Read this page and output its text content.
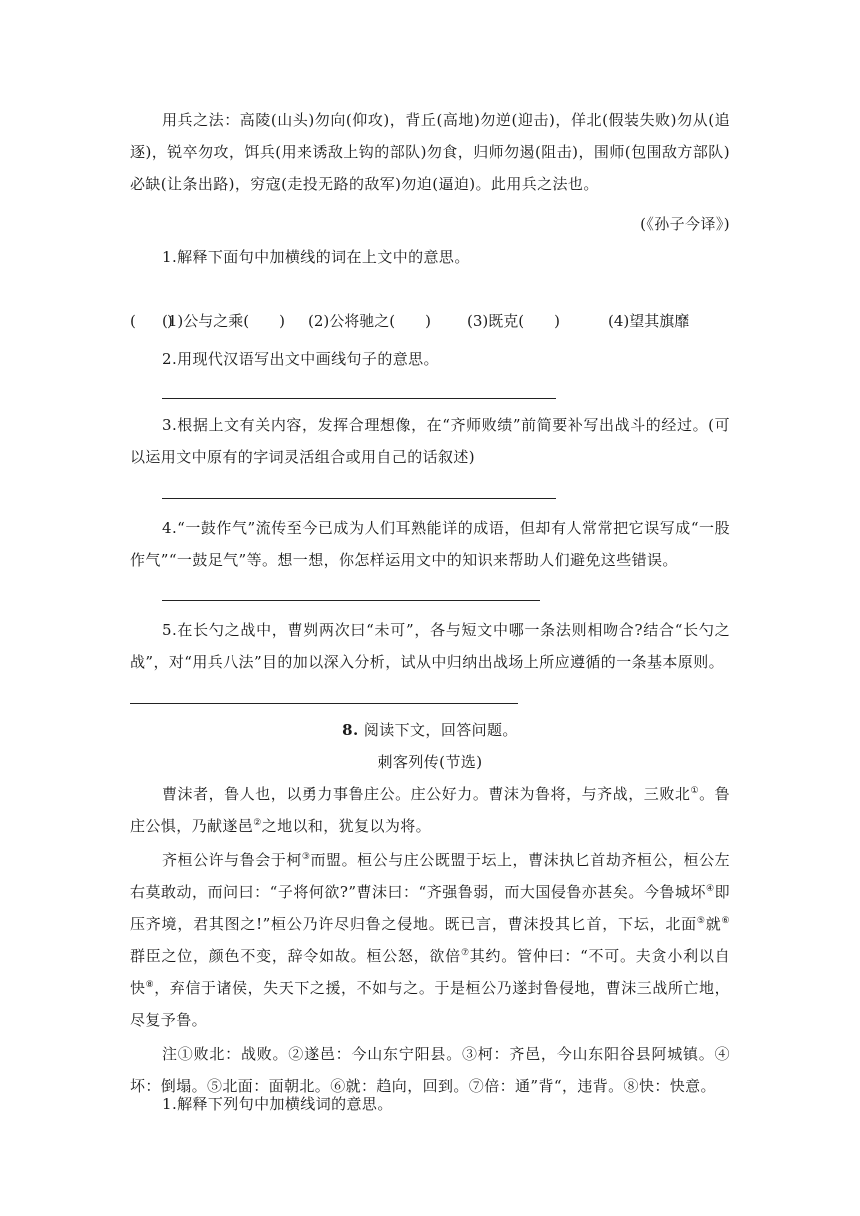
用兵之法：高陵(山头)勿向(仰攻)，背丘(高地)勿逆(迎击)，佯北(假装失败)勿从(追逐)，锐卒勿攻，饵兵(用来诱敌上钩的部队)勿食，归师勿遏(阻击)，围师(包围敌方部队)必缺(让条出路)，穷寇(走投无路的敌军)勿迫(逼迫)。此用兵之法也。

(《孙子今译》)

1.解释下面句中加横线的词在上文中的意思。

(1)公与之乘(　　) (2)公将驰之(　　) (3)既克(　　)	(4)望其旗靡

(　　)

2.用现代汉语写出文中画线句子的意思。

3.根据上文有关内容，发挥合理想像，在“齐师败绩”前简要补写出战斗的经过。(可以运用文中原有的字词灵活组合或用自己的话叙述)

4.“一鼓作气”流传至今已成为人们耳熟能详的成语，但却有人常常把它误写成“一股作气”“一鼓足气”等。想一想，你怎样运用文中的知识来帮助人们避免这些错误。

5.在长勺之战中，曹刿两次曰“未可”，各与短文中哪一条法则相吻合?结合“长勺之战”，对“用兵八法”目的加以深入分析，试从中归纳出战场上所应遵循的一条基本原则。

8. 阅读下文，回答问题。

刺客列传(节选)

曹沫者，鲁人也，以勇力事鲁庄公。庄公好力。曹沫为鲁将，与齐战，三败北①。鲁庄公惧，乃献遂邑②之地以和，犹复以为将。

齐桓公许与鲁会于柯③而盟。桓公与庄公既盟于坛上，曹沫执匕首劫齐桓公，桓公左右莫敢动，而问曰：“子将何欲?”曹沫曰：“齐强鲁弱，而大国侵鲁亦甚矣。今鲁城坏④即压齐境，君其图之!”桓公乃许尽归鲁之侵地。既已言，曹沫投其匕首，下坛，北面⑤就⑥群臣之位，颜色不变，辞令如故。桓公怒，欲倍⑦其约。管仲曰：“不可。夫贪小利以自快⑧，弃信于诸侯，失天下之援，不如与之。于是桓公乃遂封鲁侵地，曹沫三战所亡地，尽复予鲁。

注①败北：战败。②遂邑：今山东宁阳县。③柯：齐邑，今山东阳谷县阿城镇。④坏：倒塌。⑤北面：面朝北。⑥就：趋向，回到。⑦倍：通”背“，违背。⑧快：快意。

1.解释下列句中加横线词的意思。
